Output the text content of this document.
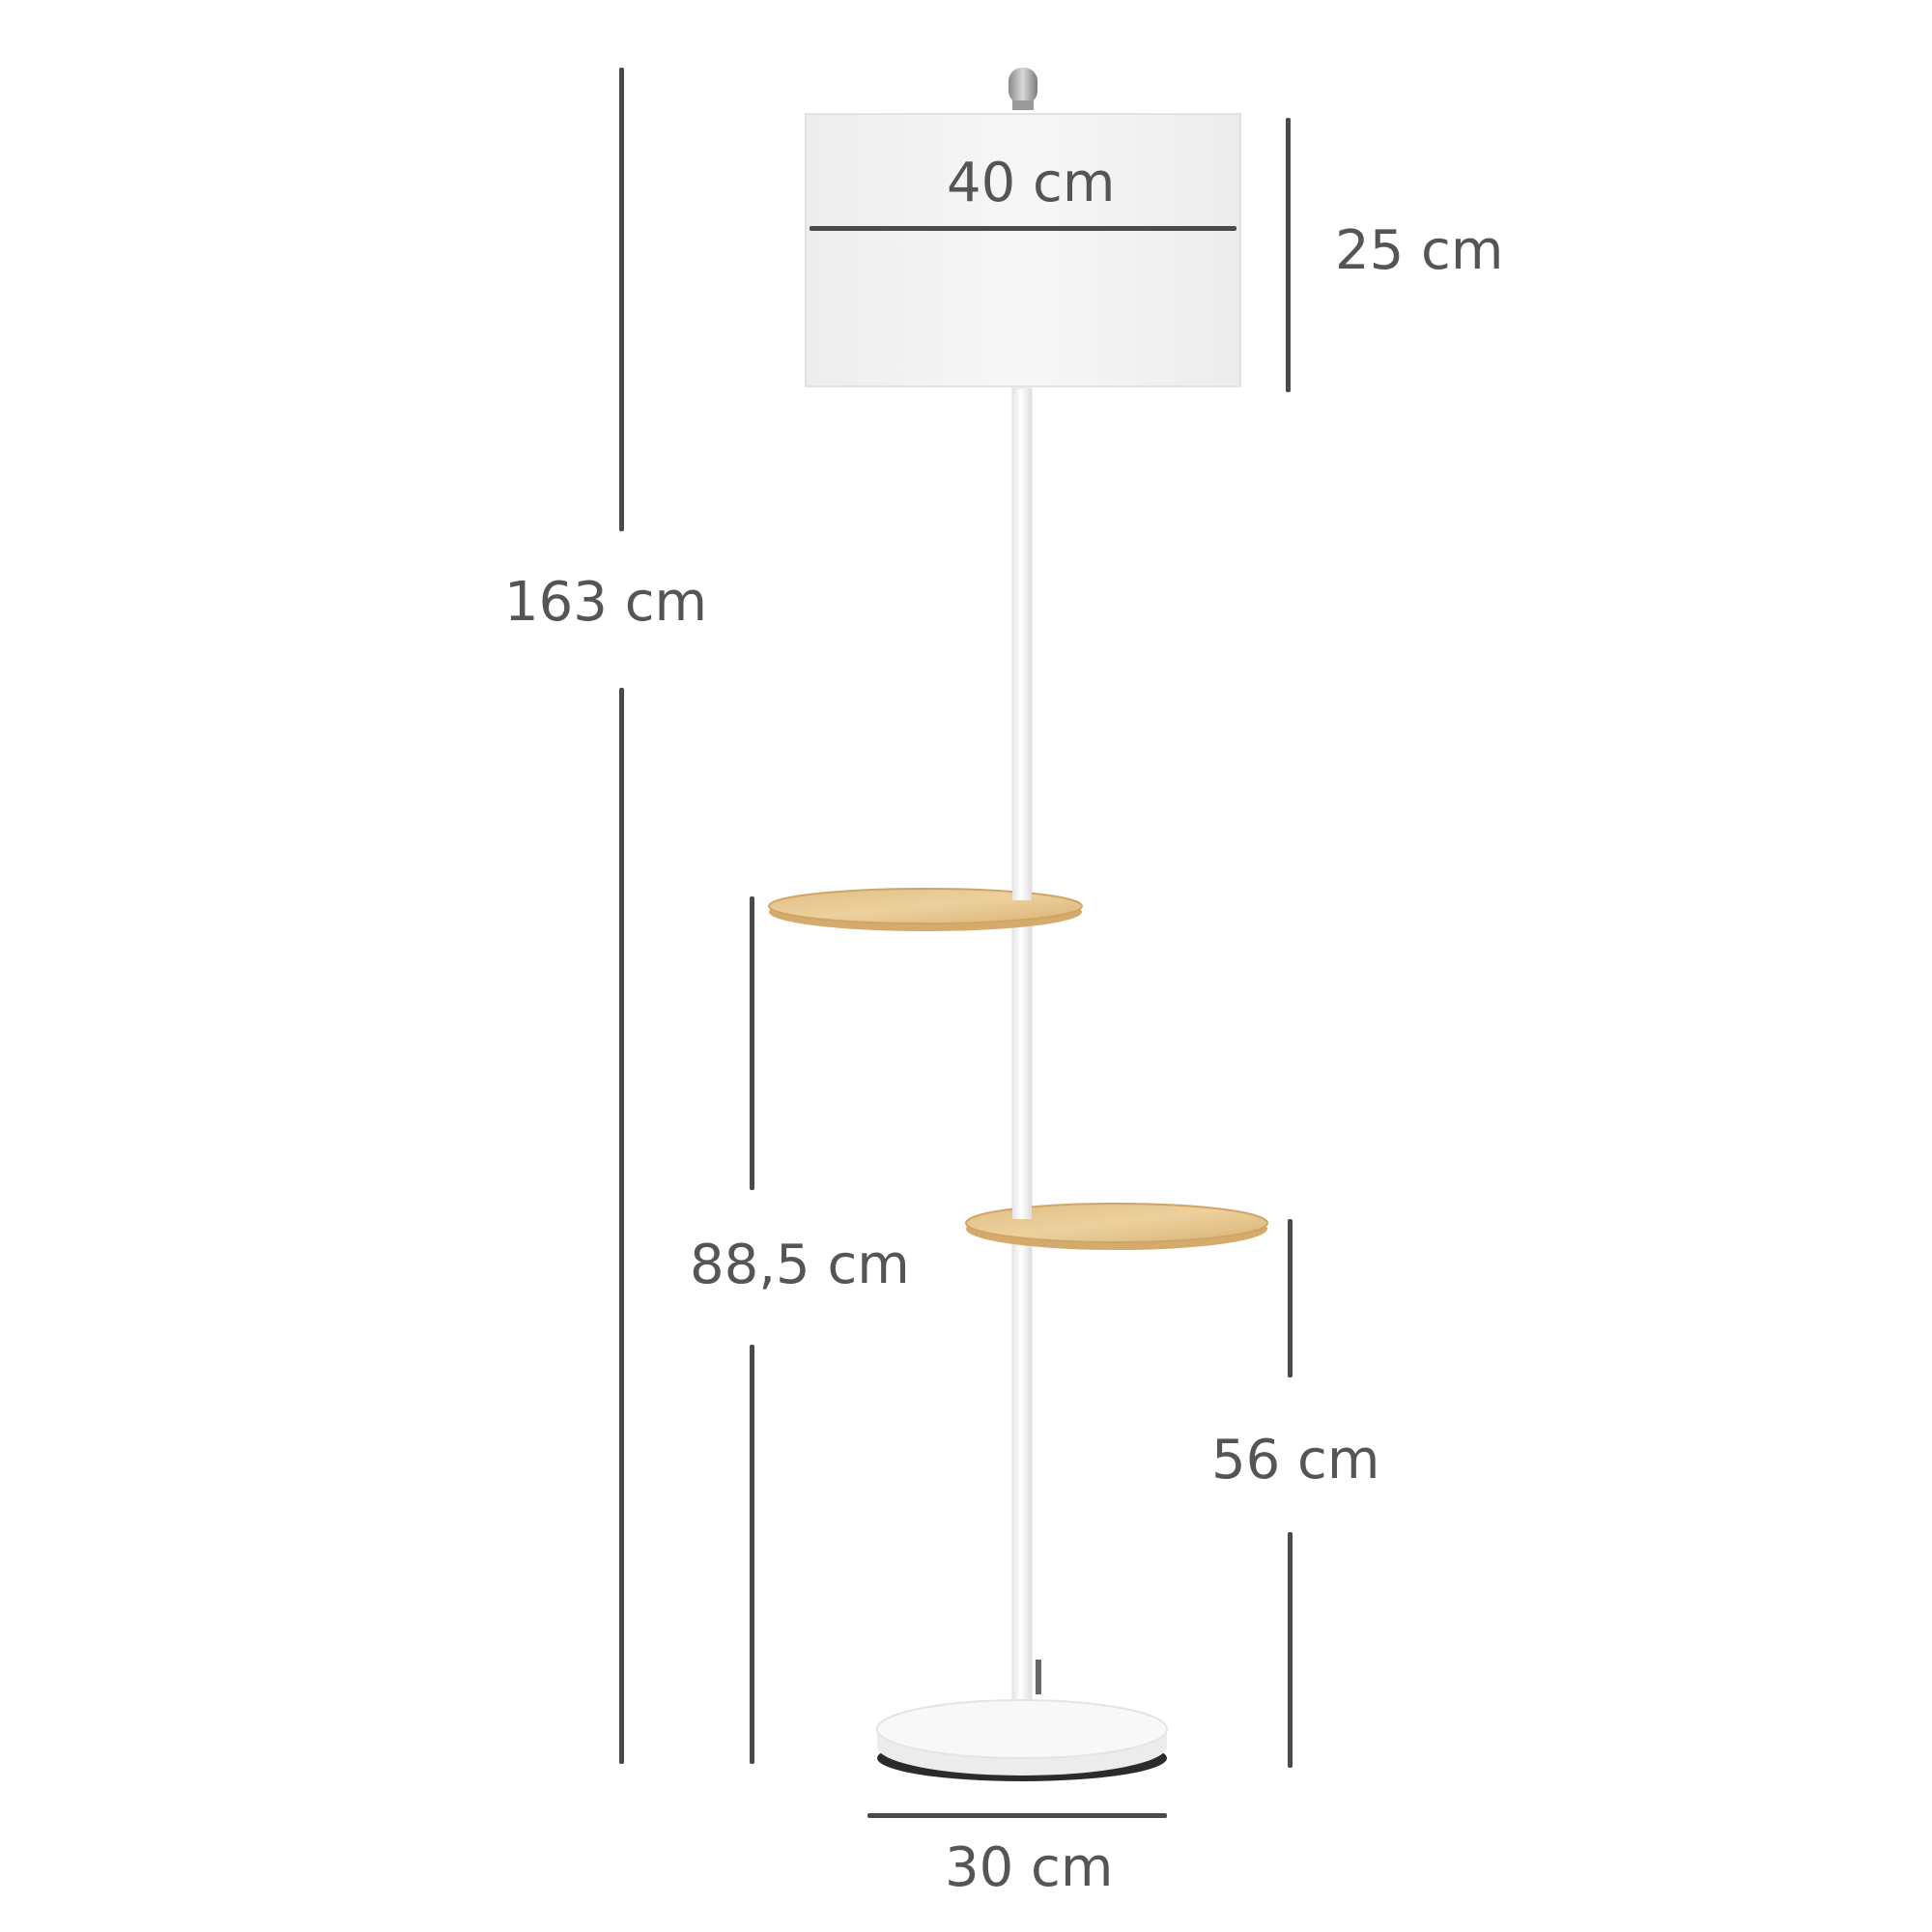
163 cm
40 cm
25 cm
88,5 cm
56 cm
30 cm
